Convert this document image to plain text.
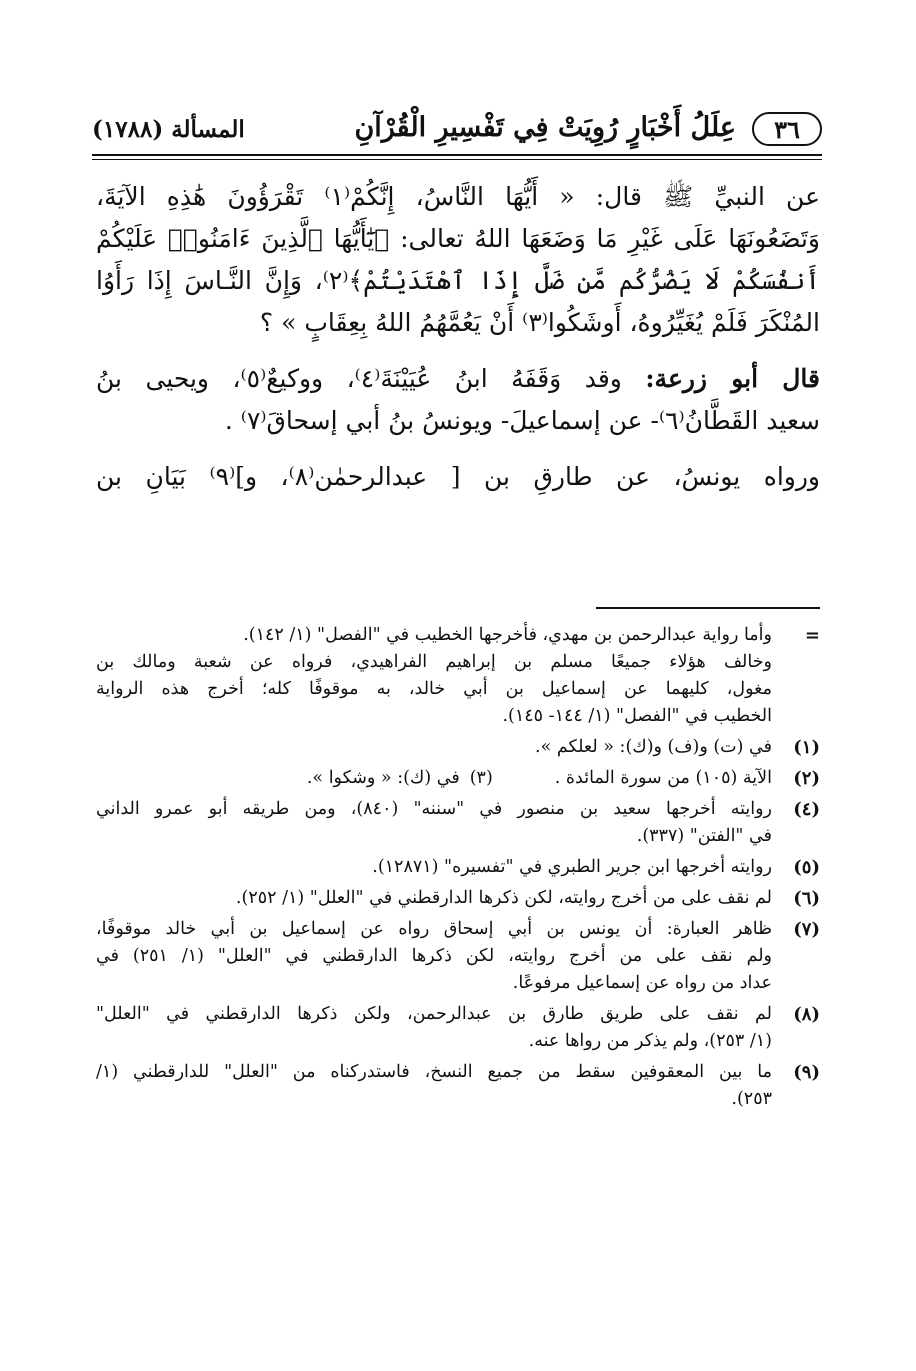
٣٦
عِلَلُ أَخْبَارٍ رُوِيَتْ فِي تَفْسِيرِ الْقُرْآنِ
المسألة (١٧٨٨)
عن النبيِّ ﷺ قال: « أَيُّهَا النَّاسُ، إِنَّكُمْ⁽١⁾ تَقْرَؤُونَ هَٰذِهِ الآيَةَ،
وَتَضَعُونَهَا عَلَى غَيْرِ مَا وَضَعَهَا اللهُ تعالى: ﴿يَٰٓأَيُّهَا ٱلَّذِينَ ءَامَنُوا۟ عَلَيْكُمْ
أَنفُسَكُمْ لَا يَضُرُّكُم مَّن ضَلَّ إِذَا ٱهْتَدَيْتُمْ﴾⁽٢⁾، وَإِنَّ النَّـاسَ إِذَا رَأَوُا
المُنْكَرَ فَلَمْ يُغَيِّرُوهُ، أَوشَكُوا⁽٣⁾ أَنْ يَعُمَّهُمُ اللهُ بِعِقَابٍ » ؟
قال أبو زرعة: وقد وَقَفَهُ ابنُ عُيَيْنَةَ⁽٤⁾، ووكيعٌ⁽٥⁾، ويحيى بنُ
سعيد القَطَّانُ⁽٦⁾- عن إسماعيلَ- ويونسُ بنُ أبي إسحاقَ⁽٧⁾ .
ورواه يونسُ، عن طارقِ بن [ عبدالرحمٰن⁽٨⁾، و]⁽٩⁾ بَيَانِ بن
=
وأما رواية عبدالرحمن بن مهدي، فأخرجها الخطيب في "الفصل" (١/ ١٤٢).
وخالف هؤلاء جميعًا مسلم بن إبراهيم الفراهيدي، فرواه عن شعبة ومالك بن
مغول، كليهما عن إسماعيل بن أبي خالد، به موقوفًا كله؛ أخرج هذه الرواية
الخطيب في "الفصل" (١/ ١٤٤- ١٤٥).
(١)
في (ت) و(ف) و(ك): « لعلكم ».
(٢)
الآية (١٠٥) من سورة المائدة .
(٣)
في (ك): « وشكوا ».
(٤)
روايته أخرجها سعيد بن منصور في "سننه" (٨٤٠)، ومن طريقه أبو عمرو الداني
في "الفتن" (٣٣٧).
(٥)
روايته أخرجها ابن جرير الطبري في "تفسيره" (١٢٨٧١).
(٦)
لم نقف على من أخرج روايته، لكن ذكرها الدارقطني في "العلل" (١/ ٢٥٢).
(٧)
ظاهر العبارة: أن يونس بن أبي إسحاق رواه عن إسماعيل بن أبي خالد موقوفًا،
ولم نقف على من أخرج روايته، لكن ذكرها الدارقطني في "العلل" (١/ ٢٥١) في
عداد من رواه عن إسماعيل مرفوعًا.
(٨)
لم نقف على طريق طارق بن عبدالرحمن، ولكن ذكرها الدارقطني في "العلل"
(١/ ٢٥٣)، ولم يذكر من رواها عنه.
(٩)
ما بين المعقوفين سقط من جميع النسخ، فاستدركناه من "العلل" للدارقطني (١/
٢٥٣).
